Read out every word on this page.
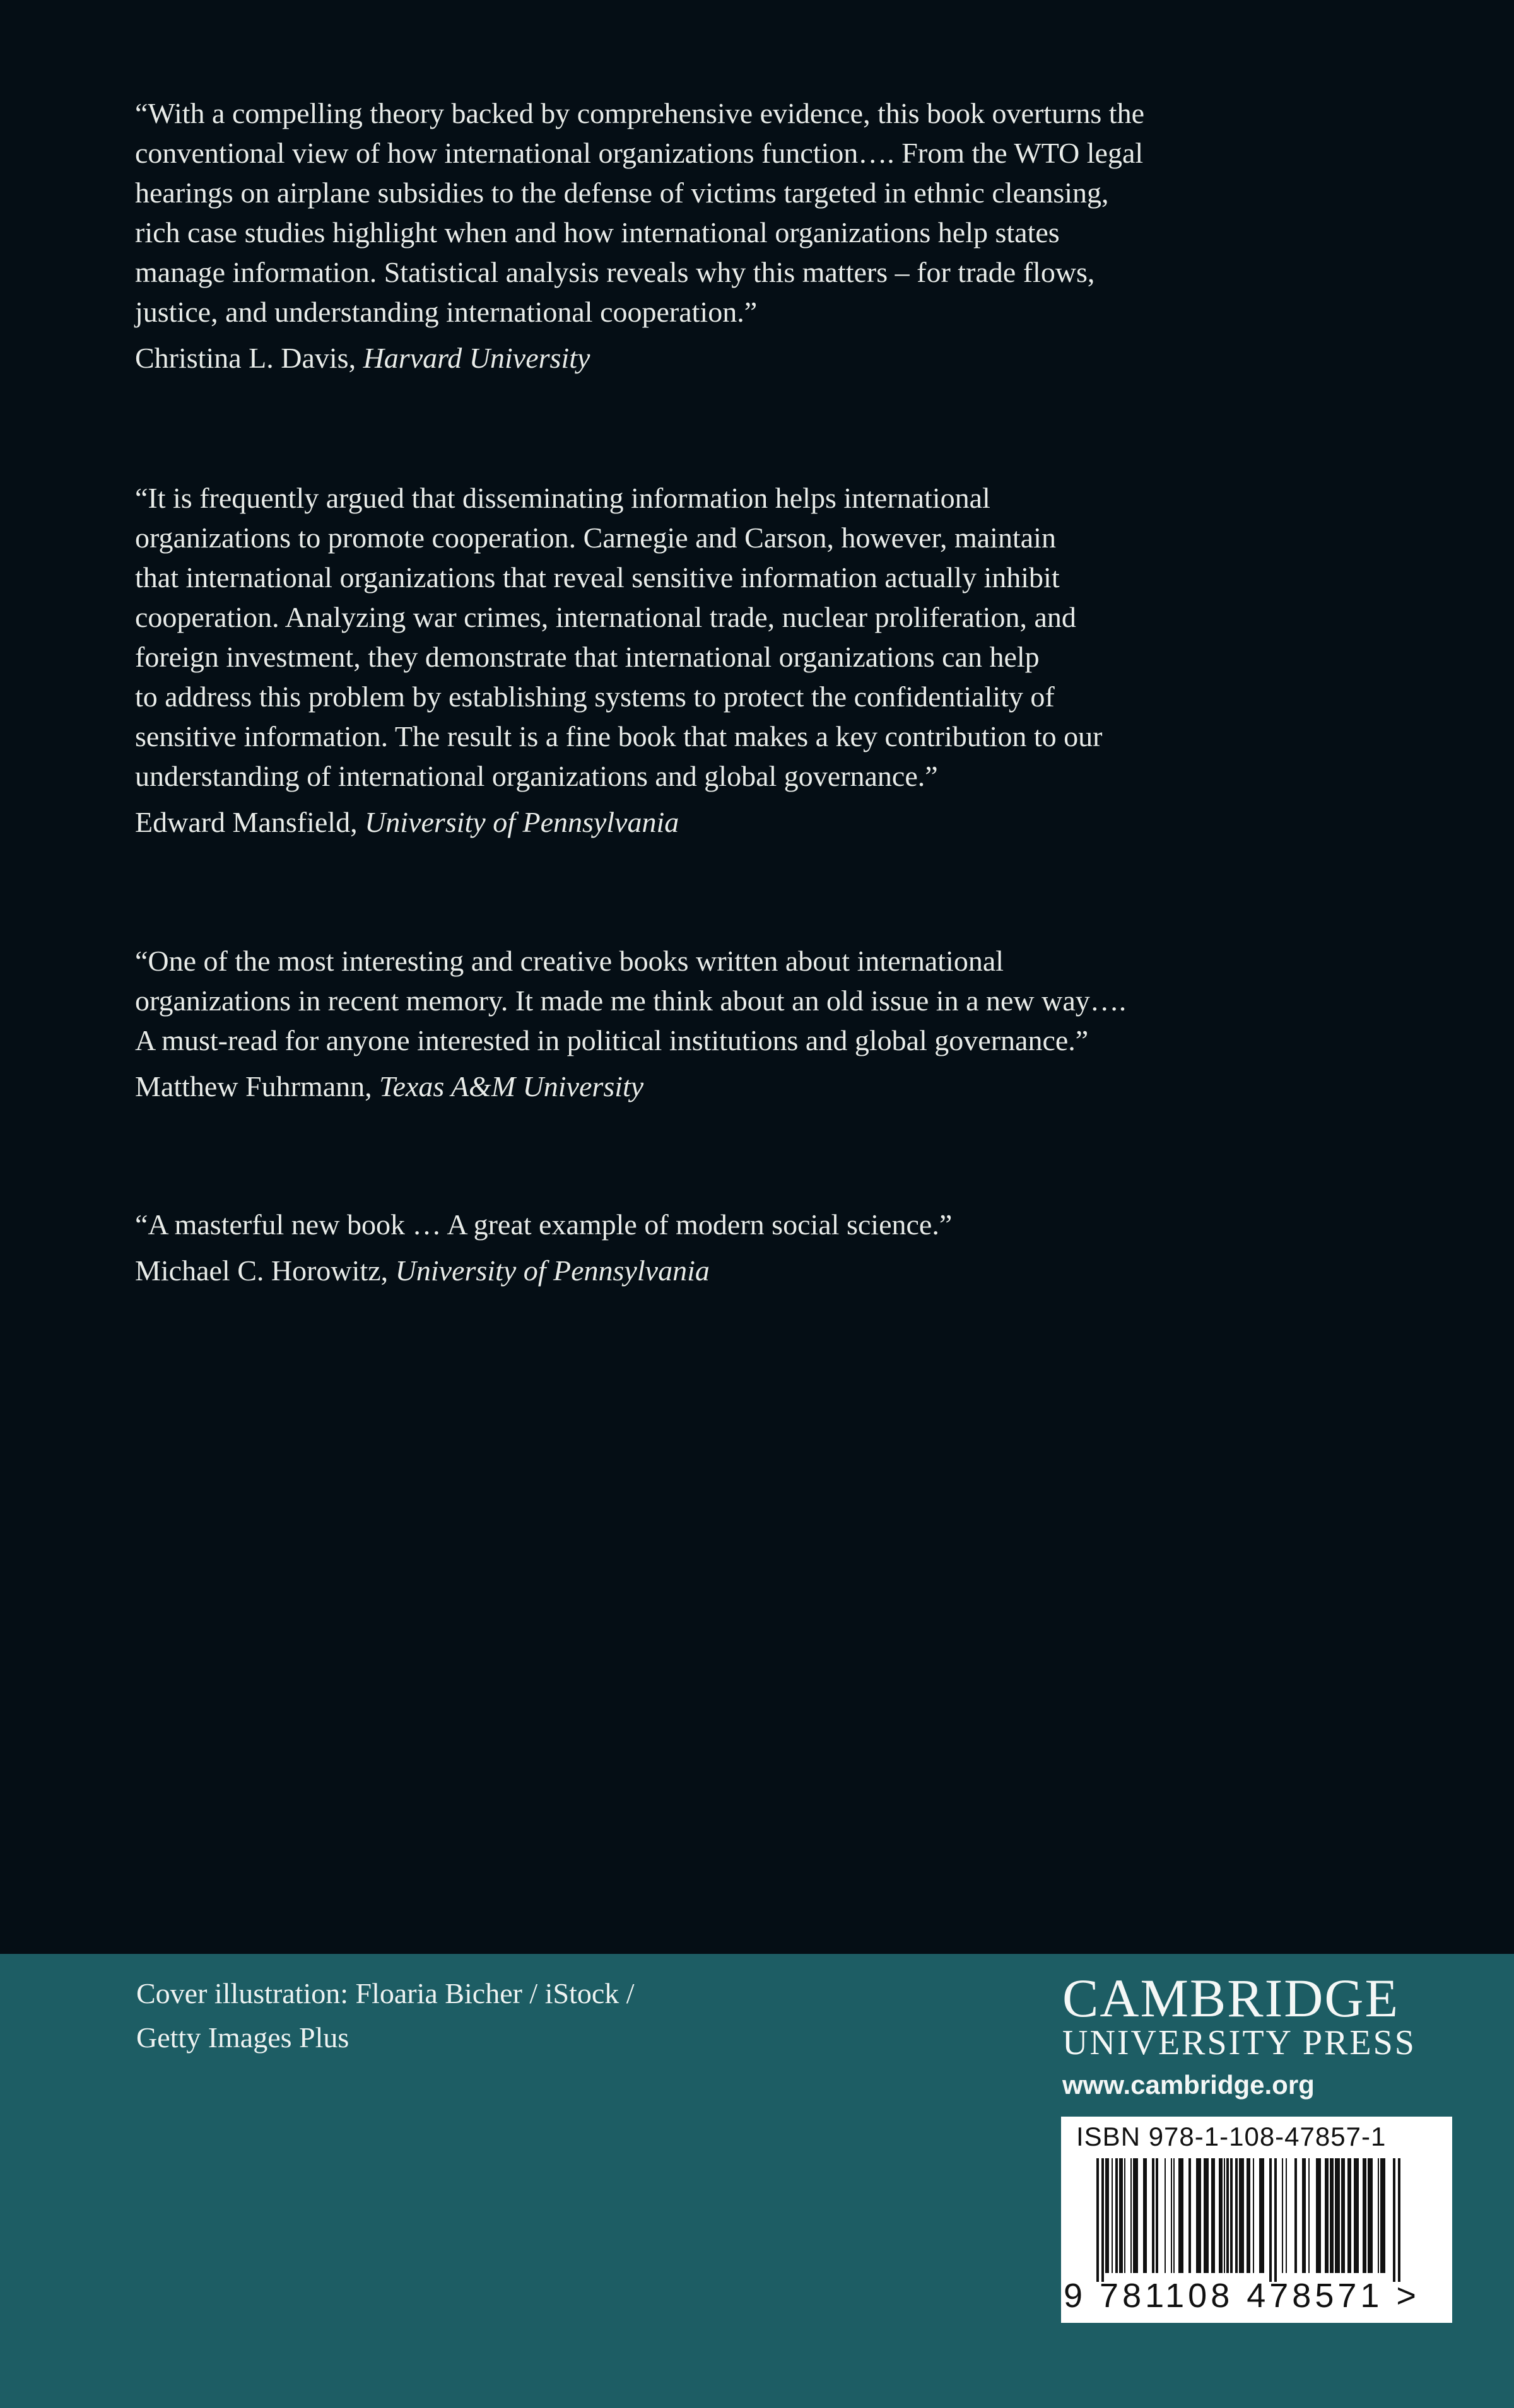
“With a compelling theory backed by comprehensive evidence, this book overturns the
conventional view of how international organizations function…. From the WTO legal
hearings on airplane subsidies to the defense of victims targeted in ethnic cleansing,
rich case studies highlight when and how international organizations help states
manage information. Statistical analysis reveals why this matters – for trade flows,
justice, and understanding international cooperation.”

Christina L. Davis, Harvard University

“It is frequently argued that disseminating information helps international
organizations to promote cooperation. Carnegie and Carson, however, maintain
that international organizations that reveal sensitive information actually inhibit
cooperation. Analyzing war crimes, international trade, nuclear proliferation, and
foreign investment, they demonstrate that international organizations can help
to address this problem by establishing systems to protect the confidentiality of
sensitive information. The result is a fine book that makes a key contribution to our
understanding of international organizations and global governance.”

Edward Mansfield, University of Pennsylvania

“One of the most interesting and creative books written about international
organizations in recent memory. It made me think about an old issue in a new way….
A must-read for anyone interested in political institutions and global governance.”

Matthew Fuhrmann, Texas A&M University

“A masterful new book … A great example of modern social science.”

Michael C. Horowitz, University of Pennsylvania

Cover illustration: Floaria Bicher / iStock /
Getty Images Plus
CAMBRIDGE
UNIVERSITY PRESS
www.cambridge.org
ISBN 978-1-108-47857-1
9 781108 478571 >
